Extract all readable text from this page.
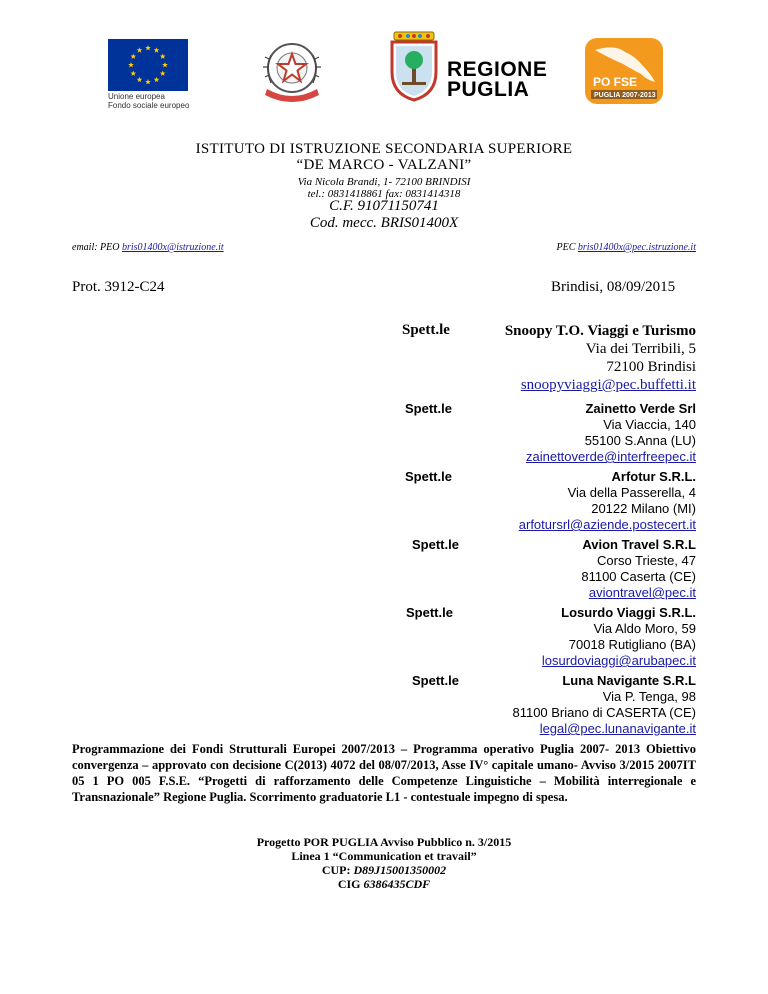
Unione europea
Fondo sociale europeo
REGIONE
PUGLIA	PO FSE
PUGLIA 2007-2013
ISTITUTO DI ISTRUZIONE SECONDARIA SUPERIORE
“DE MARCO - VALZANI”
Via Nicola Brandi, 1- 72100 BRINDISI
tel.: 0831418861 fax: 0831414318
C.F. 91071150741
Cod. mecc. BRIS01400X
email: PEO bris01400x@istruzione.it	PEC bris01400x@pec.istruzione.it
Prot. 3912-C24	Brindisi, 08/09/2015
Spett.le	Snoopy T.O. Viaggi e Turismo
Via dei Terribili, 5
72100 Brindisi
snoopyviaggi@pec.buffetti.it
Spett.le	Zainetto Verde Srl
Via Viaccia, 140
55100 S.Anna (LU)
zainettoverde@interfreepec.it
Spett.le	Arfotur S.R.L.
Via della Passerella, 4
20122 Milano (MI)
arfotursrl@aziende.postecert.it
Spett.le	Avion Travel S.R.L
Corso Trieste, 47
81100 Caserta (CE)
aviontravel@pec.it
Spett.le	Losurdo Viaggi S.R.L.
Via Aldo Moro, 59
70018 Rutigliano (BA)
losurdoviaggi@arubapec.it
Spett.le	Luna Navigante S.R.L
Via P. Tenga, 98
81100 Briano di CASERTA (CE)
legal@pec.lunanavigante.it
Programmazione dei Fondi Strutturali Europei 2007/2013 – Programma operativo Puglia 2007- 2013 Obiettivo convergenza – approvato con decisione C(2013) 4072 del 08/07/2013, Asse IV° capitale umano- Avviso 3/2015 2007IT 05 1 PO 005 F.S.E. “Progetti di rafforzamento delle Competenze Linguistiche – Mobilità interregionale e Transnazionale” Regione Puglia. Scorrimento graduatorie L1 - contestuale impegno di spesa.
Progetto POR PUGLIA Avviso Pubblico n. 3/2015
Linea 1 “Communication et travail”
CUP: D89J15001350002
CIG 6386435CDF
